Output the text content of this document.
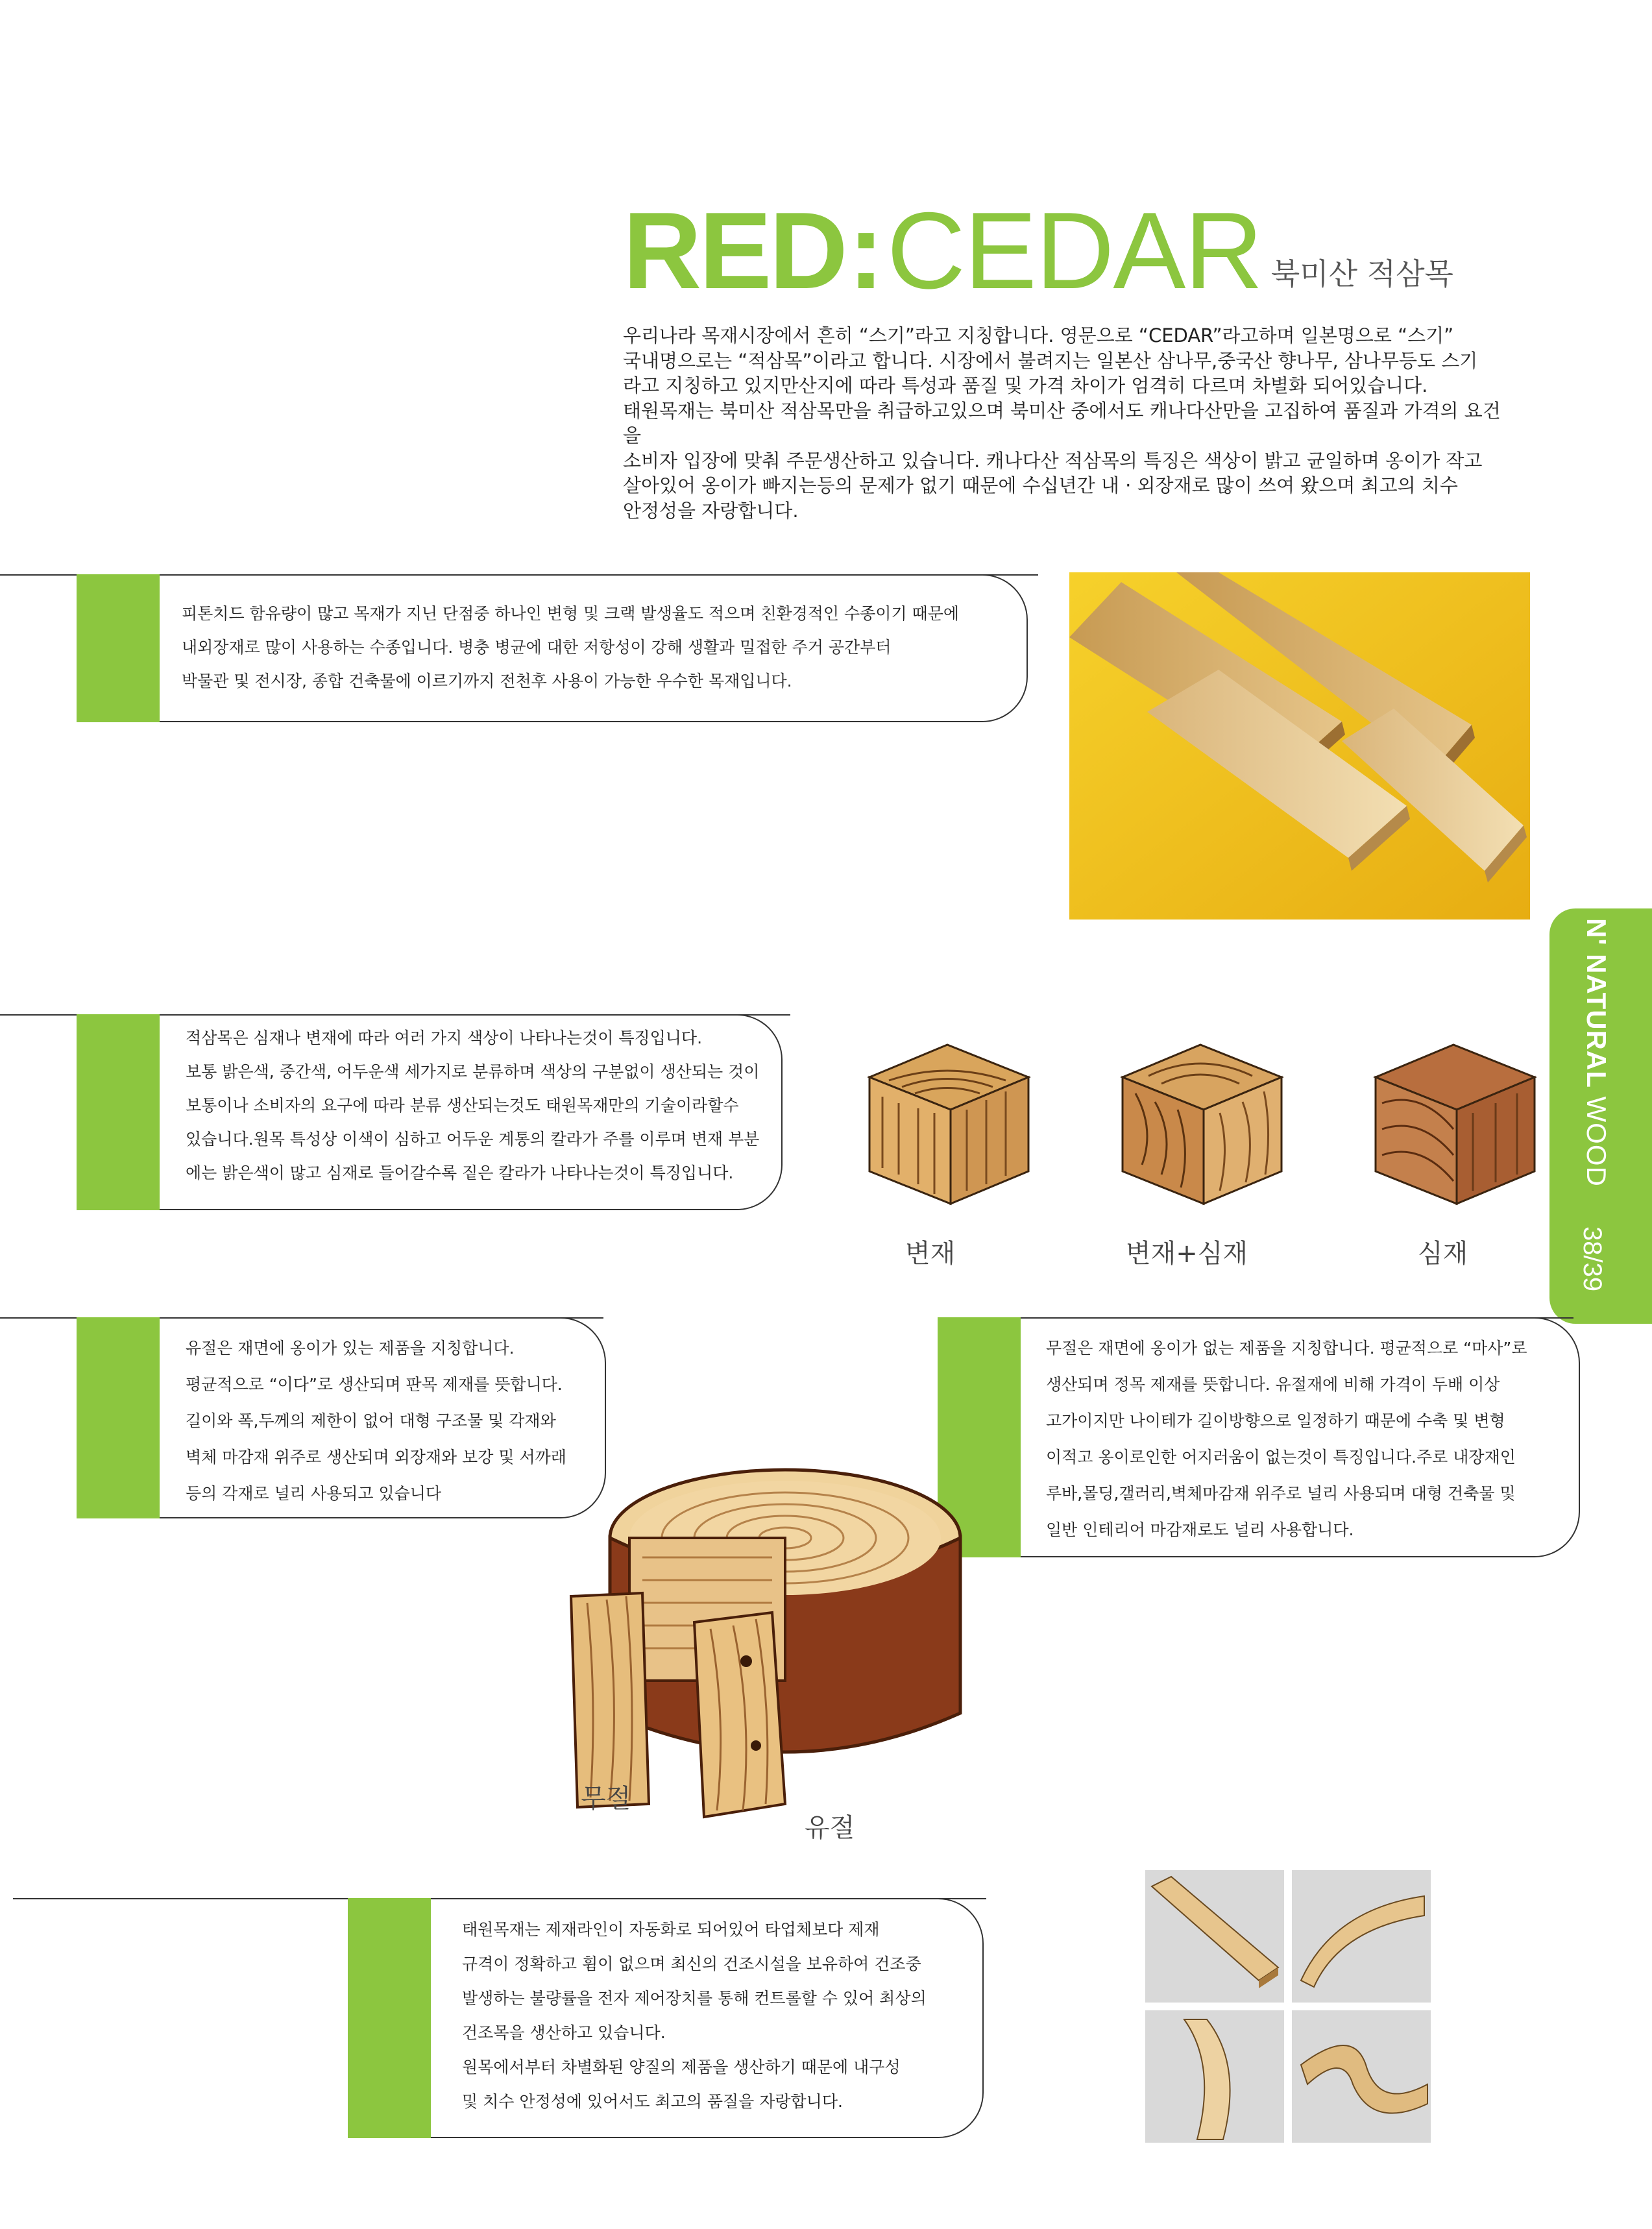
RED : CEDAR 북미산 적삼목

우리나라 목재시장에서 흔히 “스기”라고 지칭합니다. 영문으로 “CEDAR”라고하며 일본명으로 “스기”

국내명으로는 “적삼목”이라고 합니다. 시장에서 불려지는 일본산 삼나무,중국산 향나무, 삼나무등도 스기

라고 지칭하고 있지만산지에 따라 특성과 품질 및 가격 차이가 엄격히 다르며 차별화 되어있습니다.

태원목재는 북미산 적삼목만을 취급하고있으며 북미산 중에서도 캐나다산만을 고집하여 품질과 가격의 요건을

소비자 입장에 맞춰 주문생산하고 있습니다. 캐나다산 적삼목의 특징은 색상이 밝고 균일하며 옹이가 작고

살아있어 옹이가 빠지는등의 문제가 없기 때문에 수십년간 내 · 외장재로 많이 쓰여 왔으며 최고의 치수

안정성을 자랑합니다.

피톤치드 함유량이 많고 목재가 지닌 단점중 하나인 변형 및 크랙 발생율도 적으며 친환경적인 수종이기 때문에

내외장재로 많이 사용하는 수종입니다. 병충 병균에 대한 저항성이 강해 생활과 밀접한 주거 공간부터

박물관 및 전시장, 종합 건축물에 이르기까지 전천후 사용이 가능한 우수한 목재입니다.

적삼목은 심재나 변재에 따라 여러 가지 색상이 나타나는것이 특징입니다.

보통 밝은색, 중간색, 어두운색 세가지로 분류하며 색상의 구분없이 생산되는 것이

보통이나 소비자의 요구에 따라 분류 생산되는것도 태원목재만의 기술이라할수

있습니다.원목 특성상 이색이 심하고 어두운 계통의 칼라가 주를 이루며 변재 부분

에는 밝은색이 많고 심재로 들어갈수록 짙은 칼라가 나타나는것이 특징입니다.

변재	변재+심재	심재
N' NATURAL WOOD
38/39

유절은 재면에 옹이가 있는 제품을 지칭합니다.

평균적으로 “이다”로 생산되며 판목 제재를 뜻합니다.

길이와 폭,두께의 제한이 없어 대형 구조물 및 각재와

벽체 마감재 위주로 생산되며 외장재와 보강 및 서까래

등의 각재로 널리 사용되고 있습니다

무절은 재면에 옹이가 없는 제품을 지칭합니다. 평균적으로 “마사”로

생산되며 정목 제재를 뜻합니다. 유절재에 비해 가격이 두배 이상

고가이지만 나이테가 길이방향으로 일정하기 때문에 수축 및 변형

이적고 옹이로인한 어지러움이 없는것이 특징입니다.주로 내장재인

루바,몰딩,갤러리,벽체마감재 위주로 널리 사용되며 대형 건축물 및

일반 인테리어 마감재로도 널리 사용합니다.

무절
유절

태원목재는 제재라인이 자동화로 되어있어 타업체보다 제재

규격이 정확하고 휨이 없으며 최신의 건조시설을 보유하여 건조중

발생하는 불량률을 전자 제어장치를 통해 컨트롤할 수 있어 최상의

건조목을 생산하고 있습니다.

원목에서부터 차별화된 양질의 제품을 생산하기 때문에 내구성

및 치수 안정성에 있어서도 최고의 품질을 자랑합니다.
